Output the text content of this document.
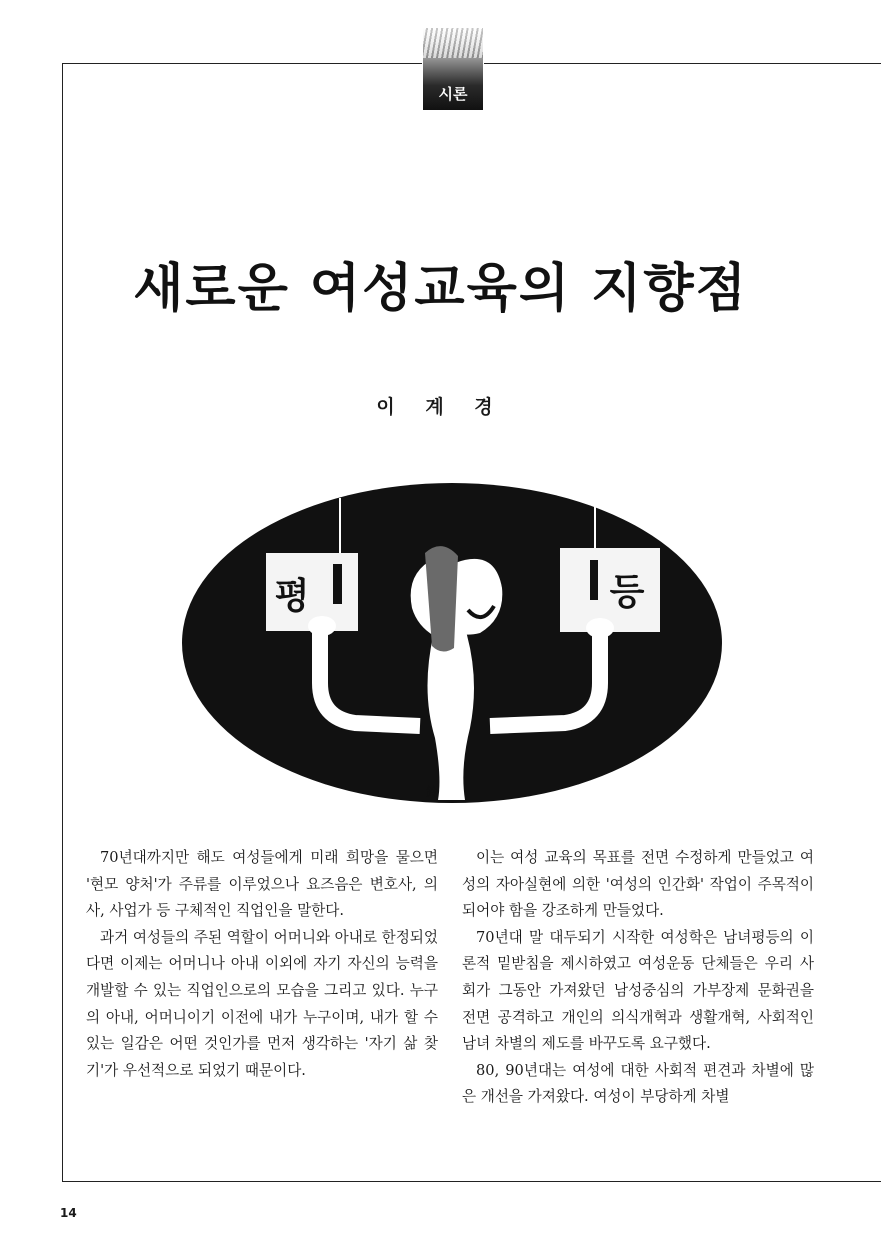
시론
새로운 여성교육의 지향점
이 계 경
평	등
鈴

70년대까지만 해도 여성들에게 미래 희망을 물으면 '현모 양처'가 주류를 이루었으나 요즈음은 변호사, 의사, 사업가 등 구체적인 직업인을 말한다.

과거 여성들의 주된 역할이 어머니와 아내로 한정되었다면 이제는 어머니나 아내 이외에 자기 자신의 능력을 개발할 수 있는 직업인으로의 모습을 그리고 있다. 누구의 아내, 어머니이기 이전에 내가 누구이며, 내가 할 수 있는 일감은 어떤 것인가를 먼저 생각하는 '자기 삶 찾기'가 우선적으로 되었기 때문이다.

이는 여성 교육의 목표를 전면 수정하게 만들었고 여성의 자아실현에 의한 '여성의 인간화' 작업이 주목적이 되어야 함을 강조하게 만들었다.

70년대 말 대두되기 시작한 여성학은 남녀평등의 이론적 밑받침을 제시하였고 여성운동 단체들은 우리 사회가 그동안 가져왔던 남성중심의 가부장제 문화권을 전면 공격하고 개인의 의식개혁과 생활개혁, 사회적인 남녀 차별의 제도를 바꾸도록 요구했다.

80, 90년대는 여성에 대한 사회적 편견과 차별에 많은 개선을 가져왔다. 여성이 부당하게 차별

14
